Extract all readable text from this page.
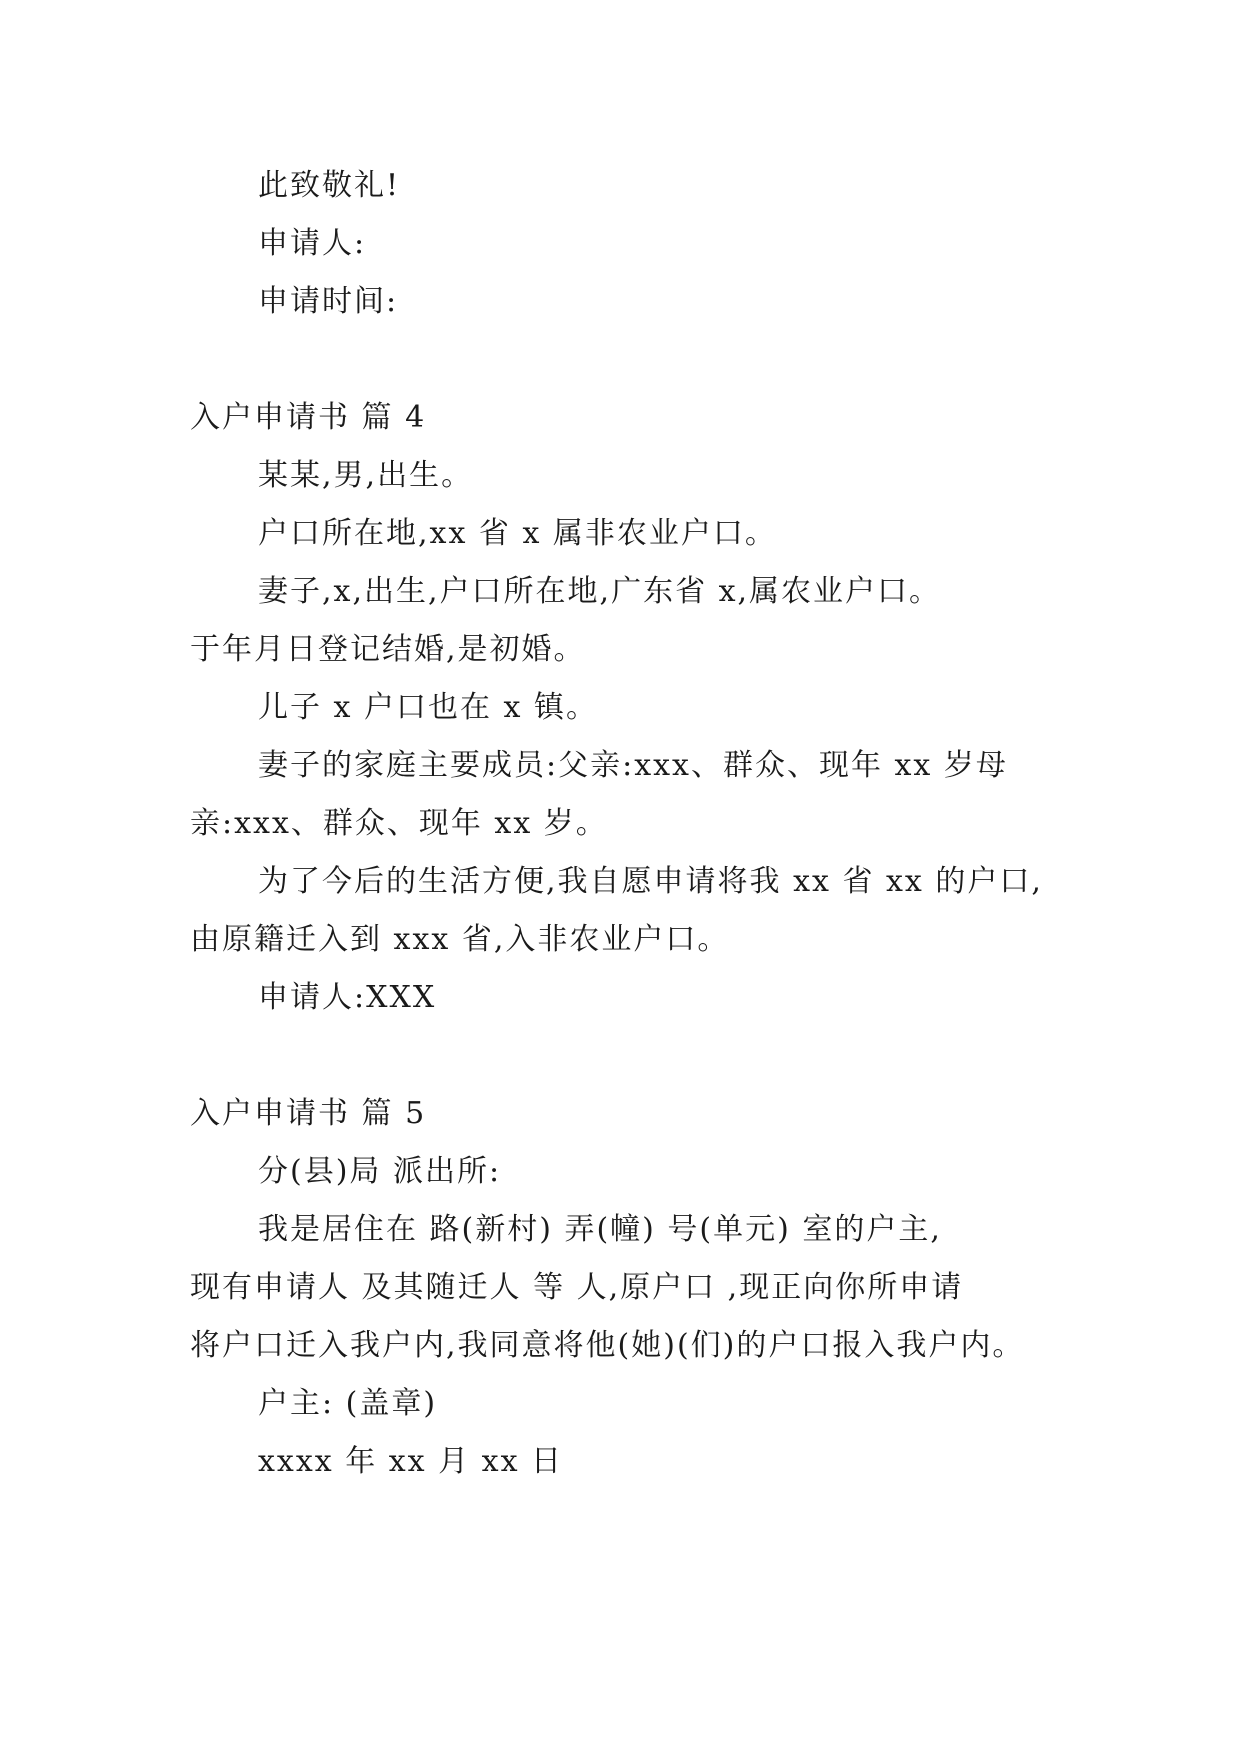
此致敬礼!
申请人:
申请时间:
入户申请书 篇 4
某某,男,出生。
户口所在地,xx 省 x 属非农业户口。
妻子,x,出生,户口所在地,广东省 x,属农业户口。
于年月日登记结婚,是初婚。
儿子 x 户口也在 x 镇。
妻子的家庭主要成员:父亲:xxx、群众、现年 xx 岁母
亲:xxx、群众、现年 xx 岁。
为了今后的生活方便,我自愿申请将我 xx 省 xx 的户口,
由原籍迁入到 xxx 省,入非农业户口。
申请人:XXX
入户申请书 篇 5
分(县)局 派出所:
我是居住在 路(新村) 弄(幢) 号(单元) 室的户主,
现有申请人 及其随迁人 等 人,原户口 ,现正向你所申请
将户口迁入我户内,我同意将他(她)(们)的户口报入我户内。
户主: (盖章)
xxxx 年 xx 月 xx 日
